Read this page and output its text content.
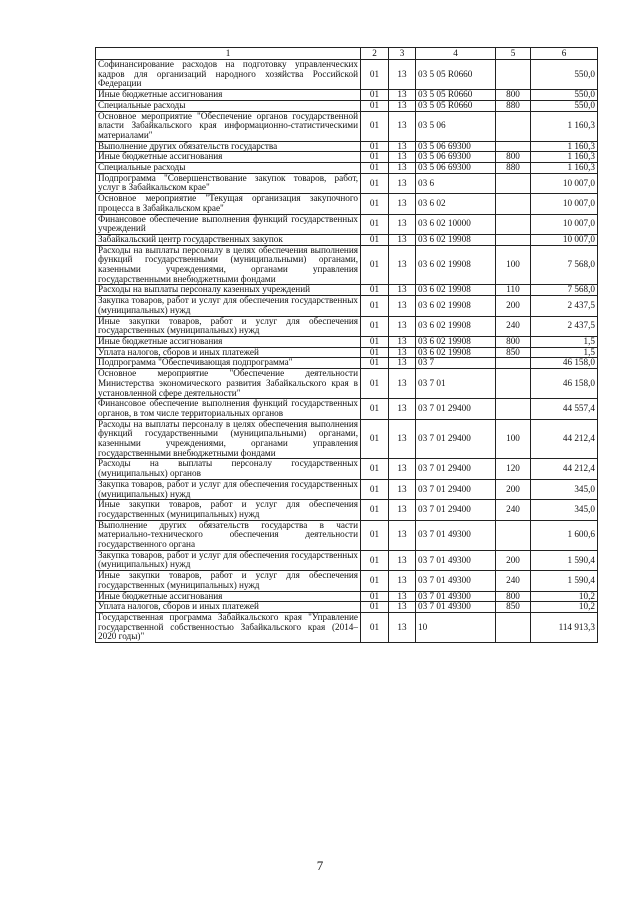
1	2	3	4	5	6
Софинансирование расходов на подготовку управленческих кадров для организаций народного хозяйства Российской Федерации	01	13	03 5 05 R0660		550,0
Иные бюджетные ассигнования	01	13	03 5 05 R0660	800	550,0
Специальные расходы	01	13	03 5 05 R0660	880	550,0
Основное мероприятие "Обеспечение органов государственной власти Забайкальского края информационно-статистическими материалами"	01	13	03 5 06		1 160,3
Выполнение других обязательств государства	01	13	03 5 06 69300		1 160,3
Иные бюджетные ассигнования	01	13	03 5 06 69300	800	1 160,3
Специальные расходы	01	13	03 5 06 69300	880	1 160,3
Подпрограмма "Совершенствование закупок товаров, работ, услуг в Забайкальском крае"	01	13	03 6		10 007,0
Основное мероприятие "Текущая организация закупочного процесса в Забайкальском крае"	01	13	03 6 02		10 007,0
Финансовое обеспечение выполнения функций государственных учреждений	01	13	03 6 02 10000		10 007,0
Забайкальский центр государственных закупок	01	13	03 6 02 19908		10 007,0
Расходы на выплаты персоналу в целях обеспечения выполнения функций государственными (муниципальными) органами, казенными учреждениями, органами управления государственными внебюджетными фондами	01	13	03 6 02 19908	100	7 568,0
Расходы на выплаты персоналу казенных учреждений	01	13	03 6 02 19908	110	7 568,0
Закупка товаров, работ и услуг для обеспечения государственных (муниципальных) нужд	01	13	03 6 02 19908	200	2 437,5
Иные закупки товаров, работ и услуг для обеспечения государственных (муниципальных) нужд	01	13	03 6 02 19908	240	2 437,5
Иные бюджетные ассигнования	01	13	03 6 02 19908	800	1,5
Уплата налогов, сборов и иных платежей	01	13	03 6 02 19908	850	1,5
Подпрограмма "Обеспечивающая подпрограмма"	01	13	03 7		46 158,0
Основное мероприятие "Обеспечение деятельности Министерства экономического развития Забайкальского края в установленной сфере деятельности"	01	13	03 7 01		46 158,0
Финансовое обеспечение выполнения функций государственных органов, в том числе территориальных органов	01	13	03 7 01 29400		44 557,4
Расходы на выплаты персоналу в целях обеспечения выполнения функций государственными (муниципальными) органами, казенными учреждениями, органами управления государственными внебюджетными фондами	01	13	03 7 01 29400	100	44 212,4
Расходы на выплаты персоналу государственных (муниципальных) органов	01	13	03 7 01 29400	120	44 212,4
Закупка товаров, работ и услуг для обеспечения государственных (муниципальных) нужд	01	13	03 7 01 29400	200	345,0
Иные закупки товаров, работ и услуг для обеспечения государственных (муниципальных) нужд	01	13	03 7 01 29400	240	345,0
Выполнение других обязательств государства в части материально-технического обеспечения деятельности государственного органа	01	13	03 7 01 49300		1 600,6
Закупка товаров, работ и услуг для обеспечения государственных (муниципальных) нужд	01	13	03 7 01 49300	200	1 590,4
Иные закупки товаров, работ и услуг для обеспечения государственных (муниципальных) нужд	01	13	03 7 01 49300	240	1 590,4
Иные бюджетные ассигнования	01	13	03 7 01 49300	800	10,2
Уплата налогов, сборов и иных платежей	01	13	03 7 01 49300	850	10,2
Государственная программа Забайкальского края "Управление государственной собственностью Забайкальского края (2014–2020 годы)"	01	13	10		114 913,3
7
